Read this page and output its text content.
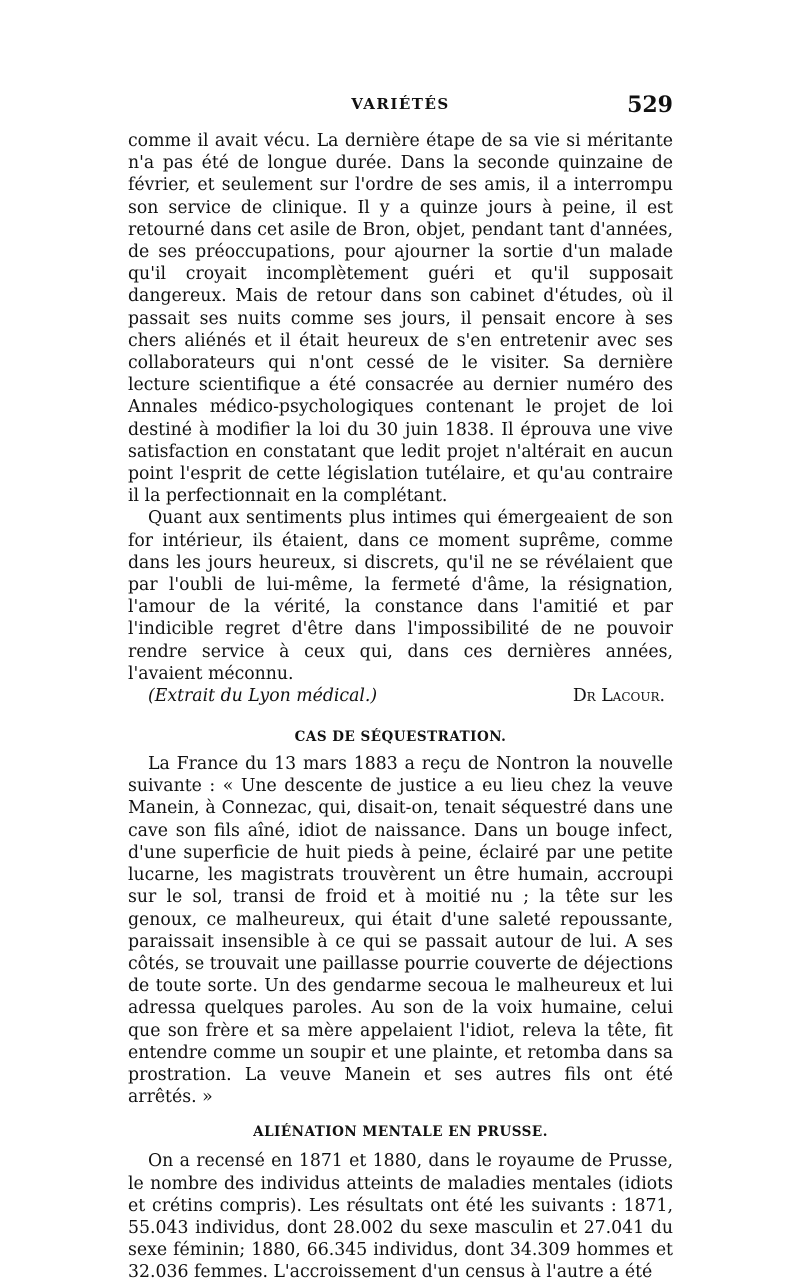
VARIÉTÉS	529

comme il avait vécu. La dernière étape de sa vie si méritante n'a pas été de longue durée. Dans la seconde quinzaine de février, et seulement sur l'ordre de ses amis, il a interrompu son service de clinique. Il y a quinze jours à peine, il est retourné dans cet asile de Bron, objet, pendant tant d'années, de ses préoccupations, pour ajourner la sortie d'un malade qu'il croyait incomplètement guéri et qu'il supposait dangereux. Mais de retour dans son cabinet d'études, où il passait ses nuits comme ses jours, il pensait encore à ses chers aliénés et il était heureux de s'en entretenir avec ses collaborateurs qui n'ont cessé de le visiter. Sa dernière lecture scientifique a été consacrée au dernier numéro des Annales médico-psychologiques contenant le projet de loi destiné à modifier la loi du 30 juin 1838. Il éprouva une vive satisfaction en constatant que ledit projet n'altérait en aucun point l'esprit de cette législation tutélaire, et qu'au contraire il la perfectionnait en la complétant.

Quant aux sentiments plus intimes qui émergeaient de son for intérieur, ils étaient, dans ce moment suprême, comme dans les jours heureux, si discrets, qu'il ne se révélaient que par l'oubli de lui-même, la fermeté d'âme, la résignation, l'amour de la vérité, la constance dans l'amitié et par l'indicible regret d'être dans l'impossibilité de ne pouvoir rendre service à ceux qui, dans ces dernières années, l'avaient méconnu.

(Extrait du Lyon médical.)	Dr Lacour.
CAS DE SÉQUESTRATION.

La France du 13 mars 1883 a reçu de Nontron la nouvelle suivante : « Une descente de justice a eu lieu chez la veuve Manein, à Connezac, qui, disait-on, tenait séquestré dans une cave son fils aîné, idiot de naissance. Dans un bouge infect, d'une superficie de huit pieds à peine, éclairé par une petite lucarne, les magistrats trouvèrent un être humain, accroupi sur le sol, transi de froid et à moitié nu ; la tête sur les genoux, ce malheureux, qui était d'une saleté repoussante, paraissait insensible à ce qui se passait autour de lui. A ses côtés, se trouvait une paillasse pourrie couverte de déjections de toute sorte. Un des gendarme secoua le malheureux et lui adressa quelques paroles. Au son de la voix humaine, celui que son frère et sa mère appelaient l'idiot, releva la tête, fit entendre comme un soupir et une plainte, et retomba dans sa prostration. La veuve Manein et ses autres fils ont été arrêtés. »

ALIÉNATION MENTALE EN PRUSSE.

On a recensé en 1871 et 1880, dans le royaume de Prusse, le nombre des individus atteints de maladies mentales (idiots et crétins compris). Les résultats ont été les suivants : 1871, 55.043 individus, dont 28.002 du sexe masculin et 27.041 du sexe féminin; 1880, 66.345 individus, dont 34.309 hommes et 32.036 femmes. L'accroissement d'un census à l'autre a été
